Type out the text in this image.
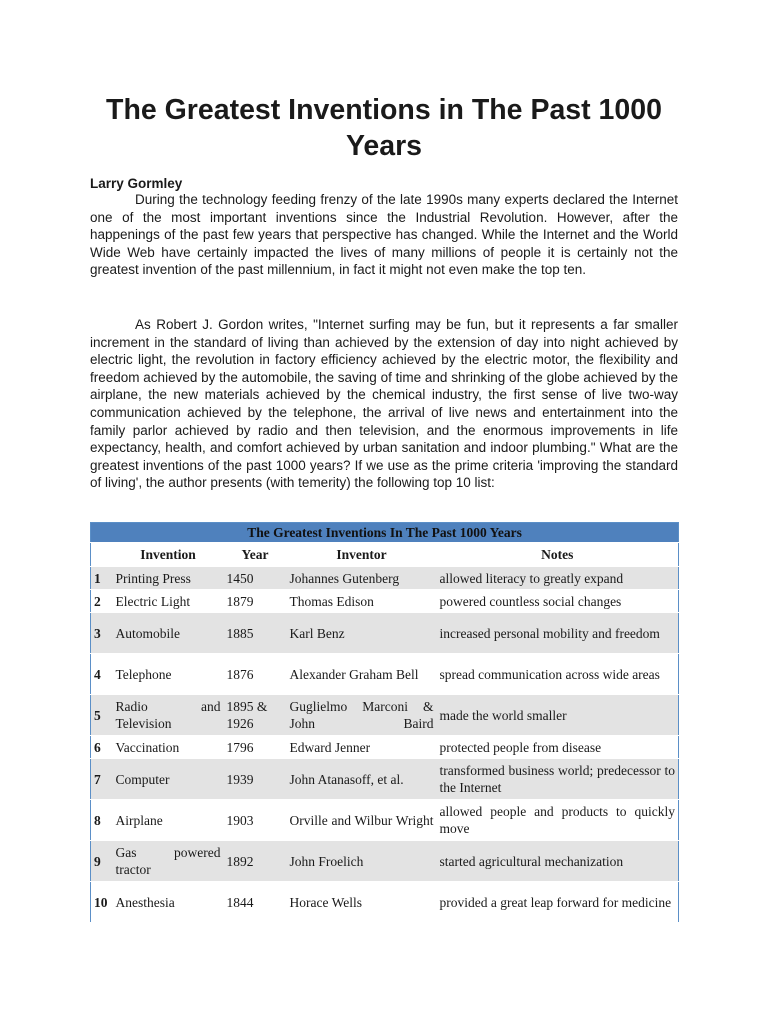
The Greatest Inventions in The Past 1000 Years
Larry Gormley

During the technology feeding frenzy of the late 1990s many experts declared the Internet one of the most important inventions since the Industrial Revolution. However, after the happenings of the past few years that perspective has changed. While the Internet and the World Wide Web have certainly impacted the lives of many millions of people it is certainly not the greatest invention of the past millennium, in fact it might not even make the top ten.

As Robert J. Gordon writes, "Internet surfing may be fun, but it represents a far smaller increment in the standard of living than achieved by the extension of day into night achieved by electric light, the revolution in factory efficiency achieved by the electric motor, the flexibility and freedom achieved by the automobile, the saving of time and shrinking of the globe achieved by the airplane, the new materials achieved by the chemical industry, the first sense of live two-way communication achieved by the telephone, the arrival of live news and entertainment into the family parlor achieved by radio and then television, and the enormous improvements in life expectancy, health, and comfort achieved by urban sanitation and indoor plumbing." What are the greatest inventions of the past 1000 years? If we use as the prime criteria 'improving the standard of living', the author presents (with temerity) the following top 10 list:

The Greatest Inventions In The Past 1000 Years				
	Invention	Year	Inventor	Notes
1	Printing Press	1450	Johannes Gutenberg	allowed literacy to greatly expand
2	Electric Light	1879	Thomas Edison	powered countless social changes
3	Automobile	1885	Karl Benz	increased personal mobility and freedom
4	Telephone	1876	Alexander Graham Bell	spread communication across wide areas
5	Radio and Television	1895 & 1926	Guglielmo Marconi & John Baird	made the world smaller
6	Vaccination	1796	Edward Jenner	protected people from disease
7	Computer	1939	John Atanasoff, et al.	transformed business world; predecessor to the Internet
8	Airplane	1903	Orville and Wilbur Wright	allowed people and products to quickly move
9	Gas powered tractor	1892	John Froelich	started agricultural mechanization
10	Anesthesia	1844	Horace Wells	provided a great leap forward for medicine
